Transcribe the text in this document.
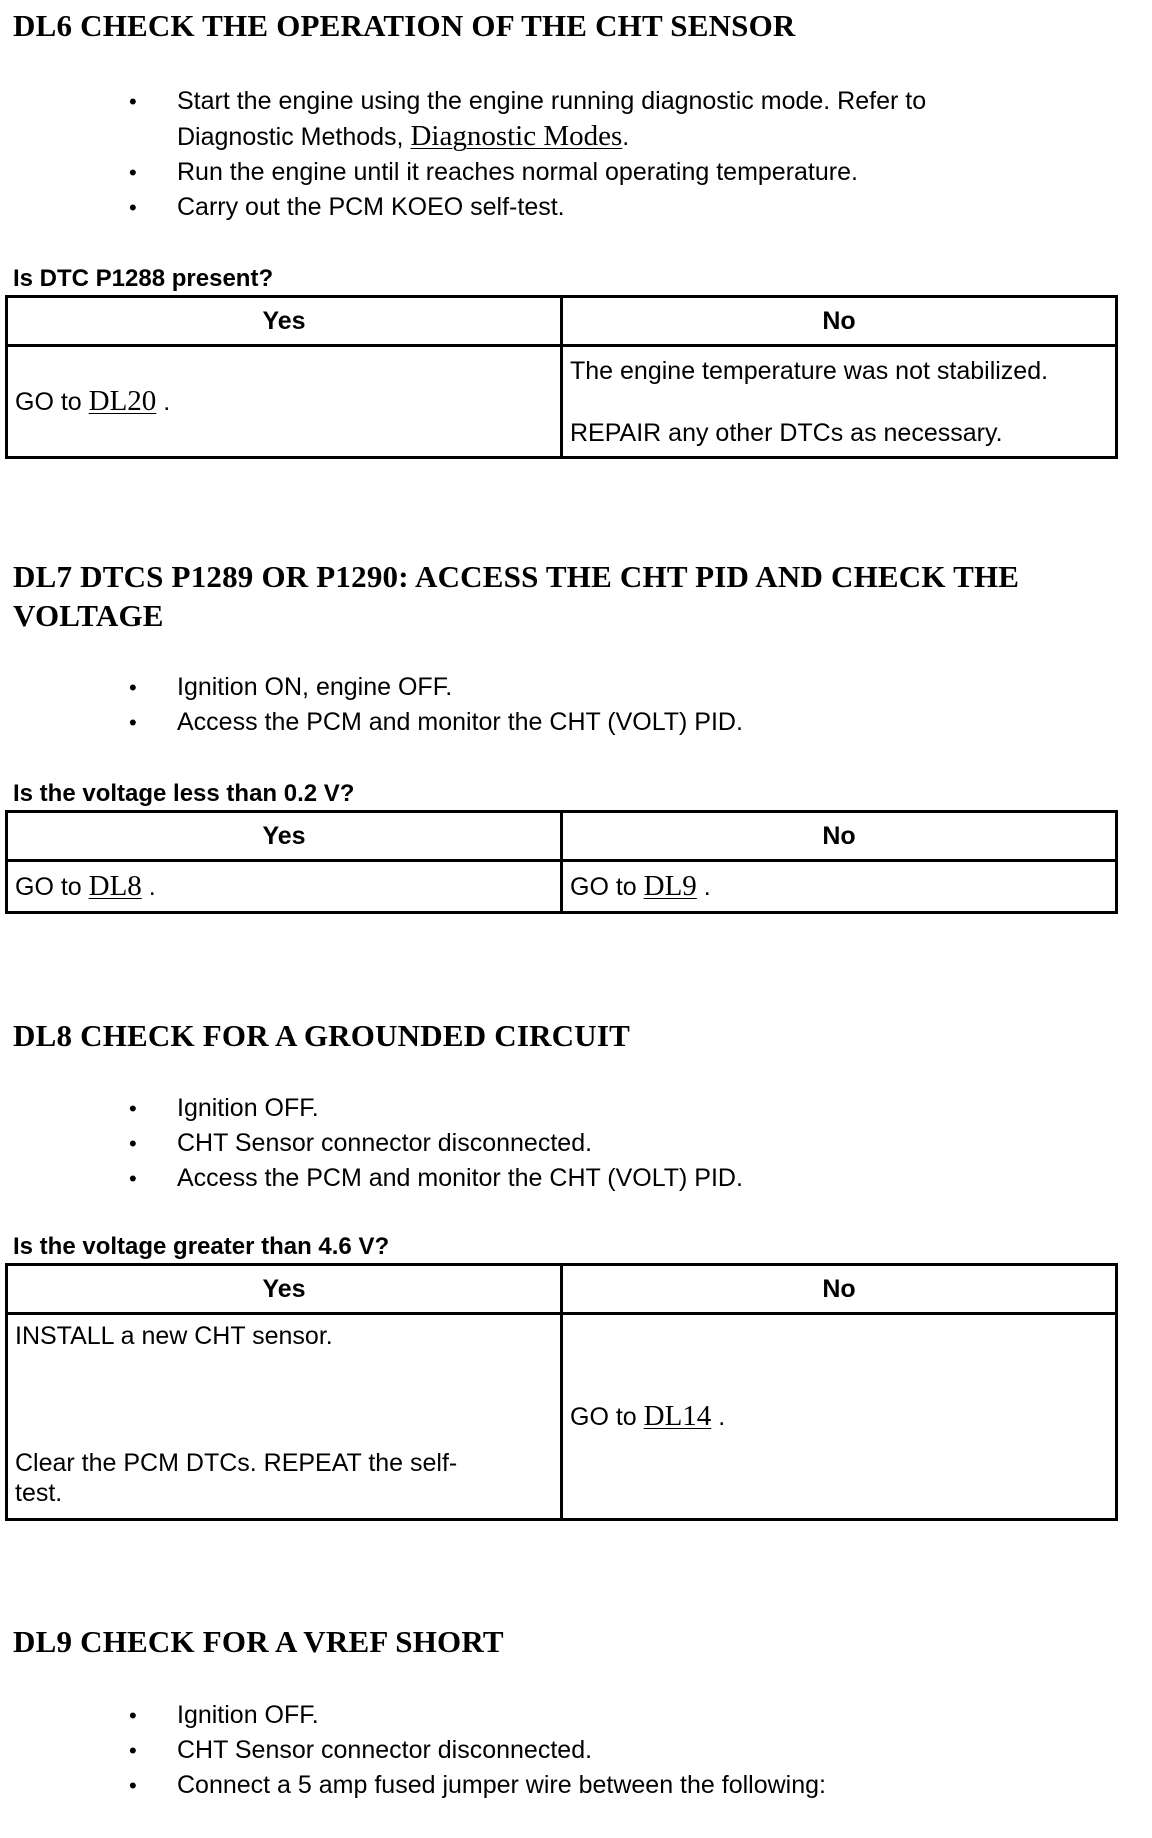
DL6 CHECK THE OPERATION OF THE CHT SENSOR
• Start the engine using the engine running diagnostic mode. Refer to
Diagnostic Methods, Diagnostic Modes.
• Run the engine until it reaches normal operating temperature.
• Carry out the PCM KOEO self-test.

Is DTC P1288 present?

Yes	No
GO to DL20 .	The engine temperature was not stabilized.
REPAIR any other DTCs as necessary.
DL7 DTCS P1289 OR P1290: ACCESS THE CHT PID AND CHECK THE
VOLTAGE
• Ignition ON, engine OFF.
• Access the PCM and monitor the CHT (VOLT) PID.

Is the voltage less than 0.2 V?

Yes	No
GO to DL8 .	GO to DL9 .
DL8 CHECK FOR A GROUNDED CIRCUIT
• Ignition OFF.
• CHT Sensor connector disconnected.
• Access the PCM and monitor the CHT (VOLT) PID.

Is the voltage greater than 4.6 V?

Yes	No

INSTALL a new CHT sensor.
Clear the PCM DTCs. REPEAT the self-
test.	GO to DL14 .
DL9 CHECK FOR A VREF SHORT
• Ignition OFF.
• CHT Sensor connector disconnected.
• Connect a 5 amp fused jumper wire between the following:
